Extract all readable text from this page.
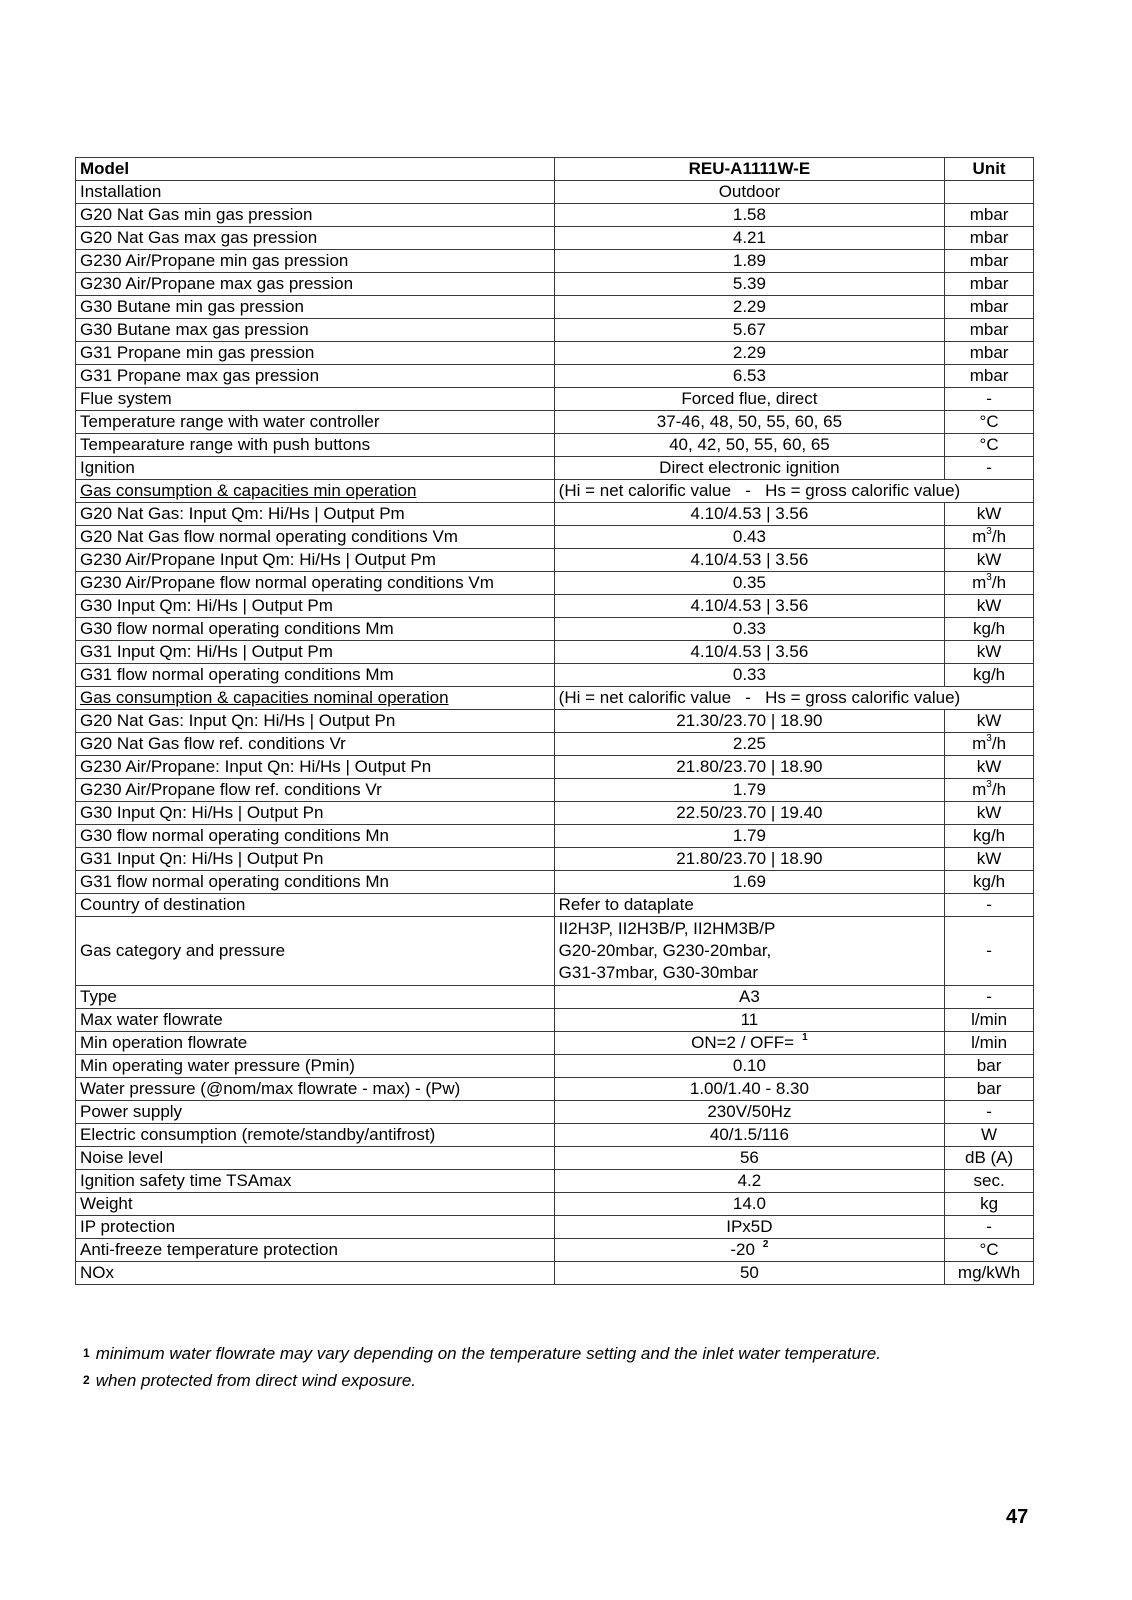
Model	REU-A1111W-E	Unit
Installation	Outdoor	
G20 Nat Gas min gas pression	1.58	mbar
G20 Nat Gas max gas pression	4.21	mbar
G230 Air/Propane min gas pression	1.89	mbar
G230 Air/Propane max gas pression	5.39	mbar
G30 Butane min gas pression	2.29	mbar
G30 Butane max gas pression	5.67	mbar
G31 Propane min gas pression	2.29	mbar
G31 Propane max gas pression	6.53	mbar
Flue system	Forced flue, direct	-
Temperature range with water controller	37-46, 48, 50, 55, 60, 65	°C
Tempearature range with push buttons	40, 42, 50, 55, 60, 65	°C
Ignition	Direct electronic ignition	-
Gas consumption & capacities min operation	(Hi = net calorific value   -   Hs = gross calorific value)	
G20 Nat Gas: Input Qm: Hi/Hs | Output Pm	4.10/4.53 | 3.56	kW
G20 Nat Gas flow normal operating conditions Vm	0.43	$m^3/h$
G230 Air/Propane Input Qm: Hi/Hs | Output Pm	4.10/4.53 | 3.56	kW
G230 Air/Propane flow normal operating conditions Vm	0.35	$m^3/h$
G30 Input Qm: Hi/Hs | Output Pm	4.10/4.53 | 3.56	kW
G30 flow normal operating conditions Mm	0.33	kg/h
G31 Input Qm: Hi/Hs | Output Pm	4.10/4.53 | 3.56	kW
G31 flow normal operating conditions Mm	0.33	kg/h
Gas consumption & capacities nominal operation	(Hi = net calorific value   -   Hs = gross calorific value)	
G20 Nat Gas: Input Qn: Hi/Hs | Output Pn	21.30/23.70 | 18.90	kW
G20 Nat Gas flow ref. conditions Vr	2.25	$m^3/h$
G230 Air/Propane: Input Qn: Hi/Hs | Output Pn	21.80/23.70 | 18.90	kW
G230 Air/Propane flow ref. conditions Vr	1.79	$m^3/h$
G30 Input Qn: Hi/Hs | Output Pn	22.50/23.70 | 19.40	kW
G30 flow normal operating conditions Mn	1.79	kg/h
G31 Input Qn: Hi/Hs | Output Pn	21.80/23.70 | 18.90	kW
G31 flow normal operating conditions Mn	1.69	kg/h
Country of destination	Refer to dataplate	-
Gas category and pressure	II2H3P, II2H3B/P, II2HM3B/P
G20-20mbar, G230-20mbar,
G31-37mbar, G30-30mbar	-
Type	A3	-
Max water flowrate	11	l/min
Min operation flowrate	ON=2 / OFF= $^1$	l/min
Min operating water pressure (Pmin)	0.10	bar
Water pressure (@nom/max flowrate - max) - (Pw)	1.00/1.40 - 8.30	bar
Power supply	230V/50Hz	-
Electric consumption (remote/standby/antifrost)	40/1.5/116	W
Noise level	56	dB (A)
Ignition safety time TSAmax	4.2	sec.
Weight	14.0	kg
IP protection	IPx5D	-
Anti-freeze temperature protection	-20 $^2$	°C
NOx	50	mg/kWh
$^1$ minimum water flowrate may vary depending on the temperature setting and the inlet water temperature.
$^2$ when protected from direct wind exposure.
47
